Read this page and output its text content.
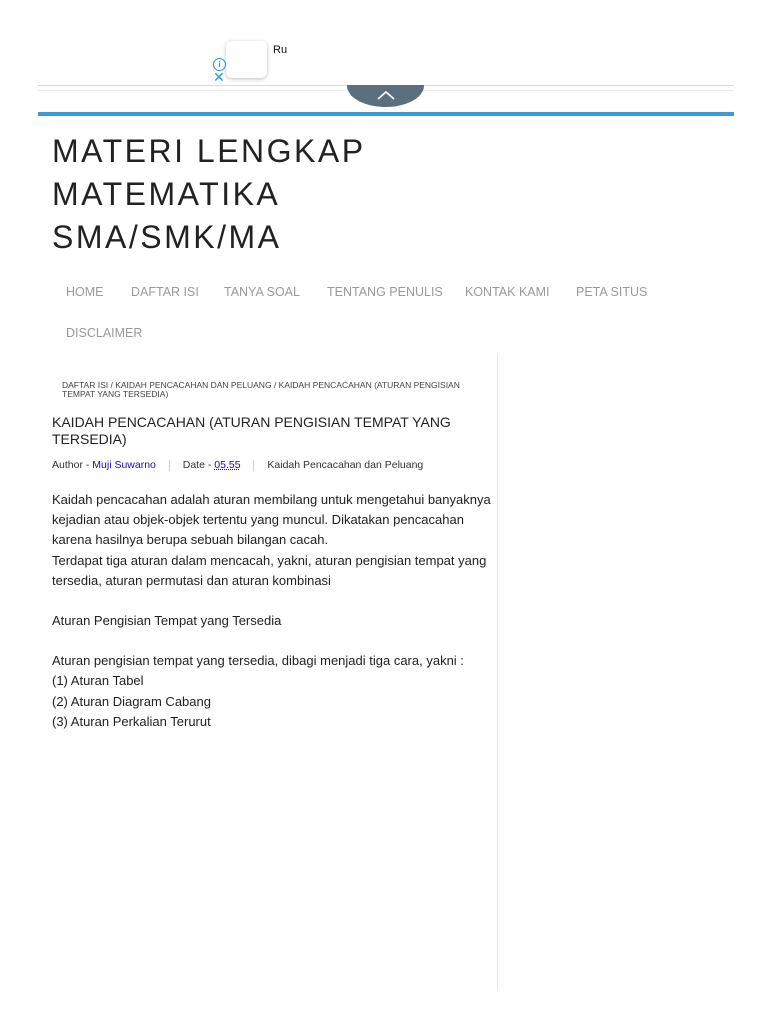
Ru
i
✕
MATERI LENGKAP MATEMATIKA SMA/SMK/MA
HOME DAFTAR ISI TANYA SOAL TENTANG PENULIS KONTAK KAMI PETA SITUS
DISCLAIMER
DAFTAR ISI / KAIDAH PENCACAHAN DAN PELUANG / KAIDAH PENCACAHAN (ATURAN PENGISIAN TEMPAT YANG TERSEDIA)
KAIDAH PENCACAHAN (ATURAN PENGISIAN TEMPAT YANG TERSEDIA)
Author - Muji Suwarno	Date - 05.55	Kaidah Pencacahan dan Peluang

Kaidah pencacahan adalah aturan membilang untuk mengetahui banyaknya kejadian atau objek-objek tertentu yang muncul. Dikatakan pencacahan karena hasilnya berupa sebuah bilangan cacah.

Terdapat tiga aturan dalam mencacah, yakni, aturan pengisian tempat yang tersedia, aturan permutasi dan aturan kombinasi

Aturan Pengisian Tempat yang Tersedia

Aturan pengisian tempat yang tersedia, dibagi menjadi tiga cara, yakni :

(1) Aturan Tabel

(2) Aturan Diagram Cabang

(3) Aturan Perkalian Terurut
